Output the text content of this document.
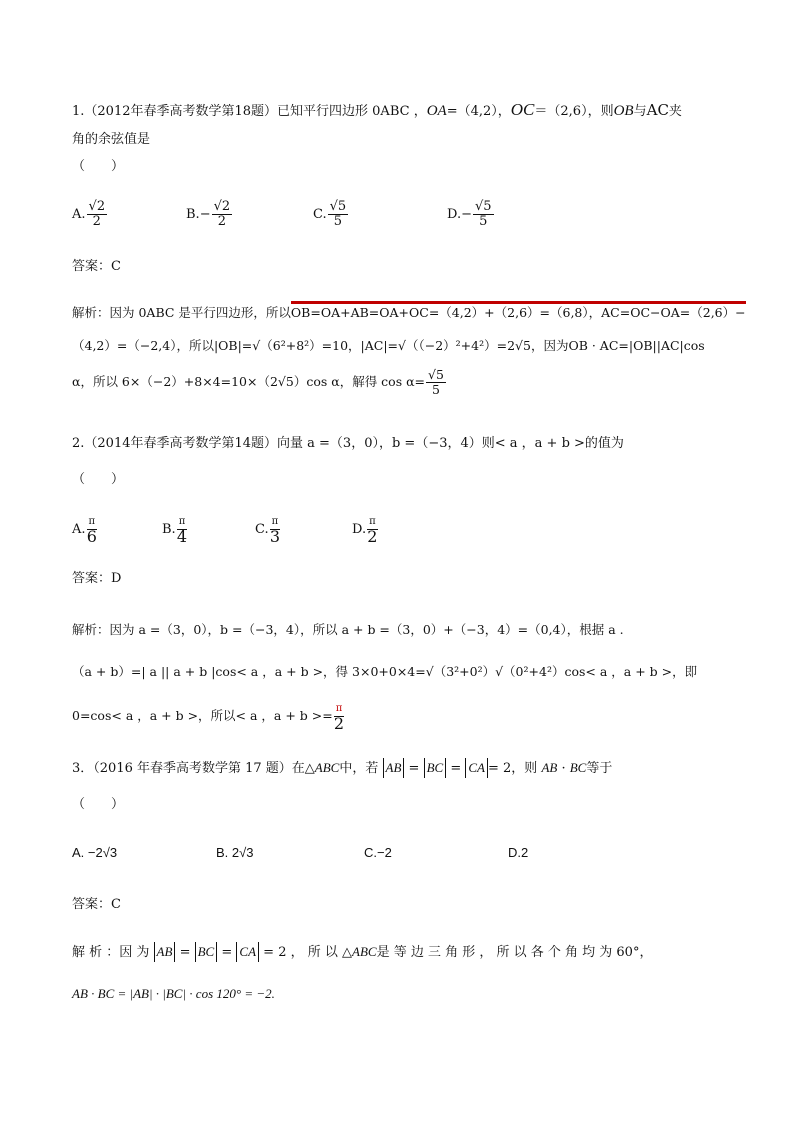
1.（2012年春季高考数学第18题）已知平行四边形 0ABC ，OA=（4,2），OC＝（2,6），则OB与AC夹
角的余弦值是
（　　）
A. $\frac{√2}{2}$	$B.- \frac{√2}{2}$	C. $\frac{√5}{5}$	$D.- \frac{√5}{5}$
答案：C
解析：因为 0ABC 是平行四边形，所以OB=OA+AB=OA+OC=（4,2）+（2,6）=（6,8），AC=OC−OA=（2,6）−
（4,2）=（−2,4），所以|OB|=√（6²+8²）=10，|AC|=√（（−2）²+4²）=2√5，因为OB · AC=|OB||AC|cos
α，所以 6×（−2）+8×4=10×（2√5）cos α，解得 $\cos \alpha= \frac{√5}{5}$
2.（2014年春季高考数学第14题）向量 a =（3，0），b =（−3，4）则< a ，a + b >的值为
（　　）
A. $\frac{\pi}{6}$	B. $\frac{\pi}{4}$	C. $\frac{\pi}{3}$	D. $\frac{\pi}{2}$
答案：D
解析：因为 a =（3，0），b =（−3，4），所以 a + b =（3，0）+（−3，4）=（0,4），根据 a .
（a + b）=| a || a + b |cos< a ，a + b >，得 3×0+0×4=√（3²+0²）√（0²+4²）cos< a ，a + b >，即
0=cos< a ，a + b >，所以< a ，$a + b >= \frac{\pi}{2}$
3．（2016 年春季高考数学第 17 题）在△ABC中，若 AB = BC = CA = 2，则 AB · BC等于
（　　）
A. −2√3	B. 2√3	C.−2	D.2
答案：C
解 析 ：因 为 AB = BC = CA = 2 ， 所 以 △ABC是 等 边 三 角 形 ， 所 以 各 个 角 均 为 60°，
AB · BC = |AB| · |BC| · cos 120° = −2.
